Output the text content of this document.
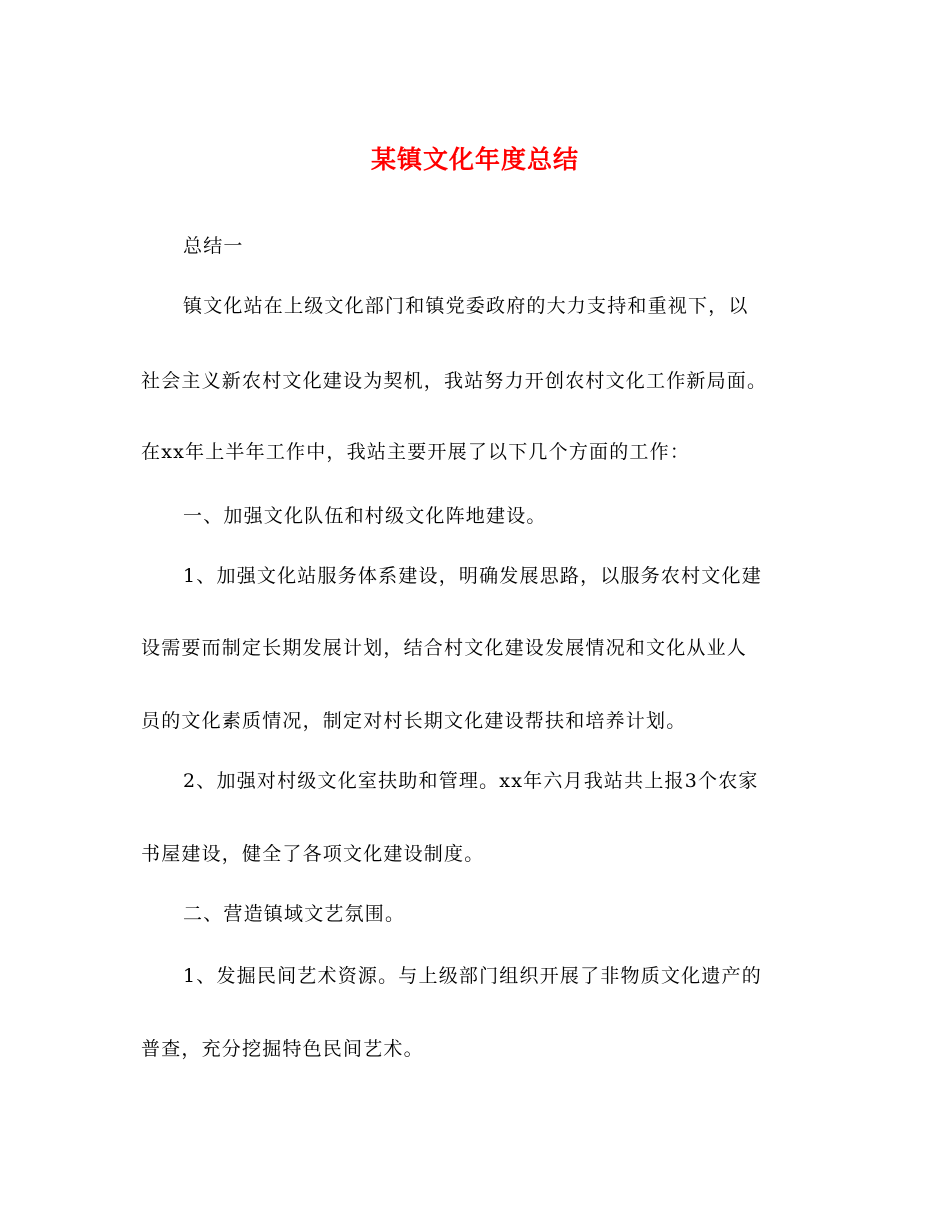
某镇文化年度总结
总结一
镇文化站在上级文化部门和镇党委政府的大力支持和重视下，以
社会主义新农村文化建设为契机，我站努力开创农村文化工作新局面。
在xx年上半年工作中，我站主要开展了以下几个方面的工作：
一、加强文化队伍和村级文化阵地建设。
1、加强文化站服务体系建设，明确发展思路，以服务农村文化建
设需要而制定长期发展计划，结合村文化建设发展情况和文化从业人
员的文化素质情况，制定对村长期文化建设帮扶和培养计划。
2、加强对村级文化室扶助和管理。xx年六月我站共上报3个农家
书屋建设，健全了各项文化建设制度。
二、营造镇域文艺氛围。
1、发掘民间艺术资源。与上级部门组织开展了非物质文化遗产的
普查，充分挖掘特色民间艺术。
